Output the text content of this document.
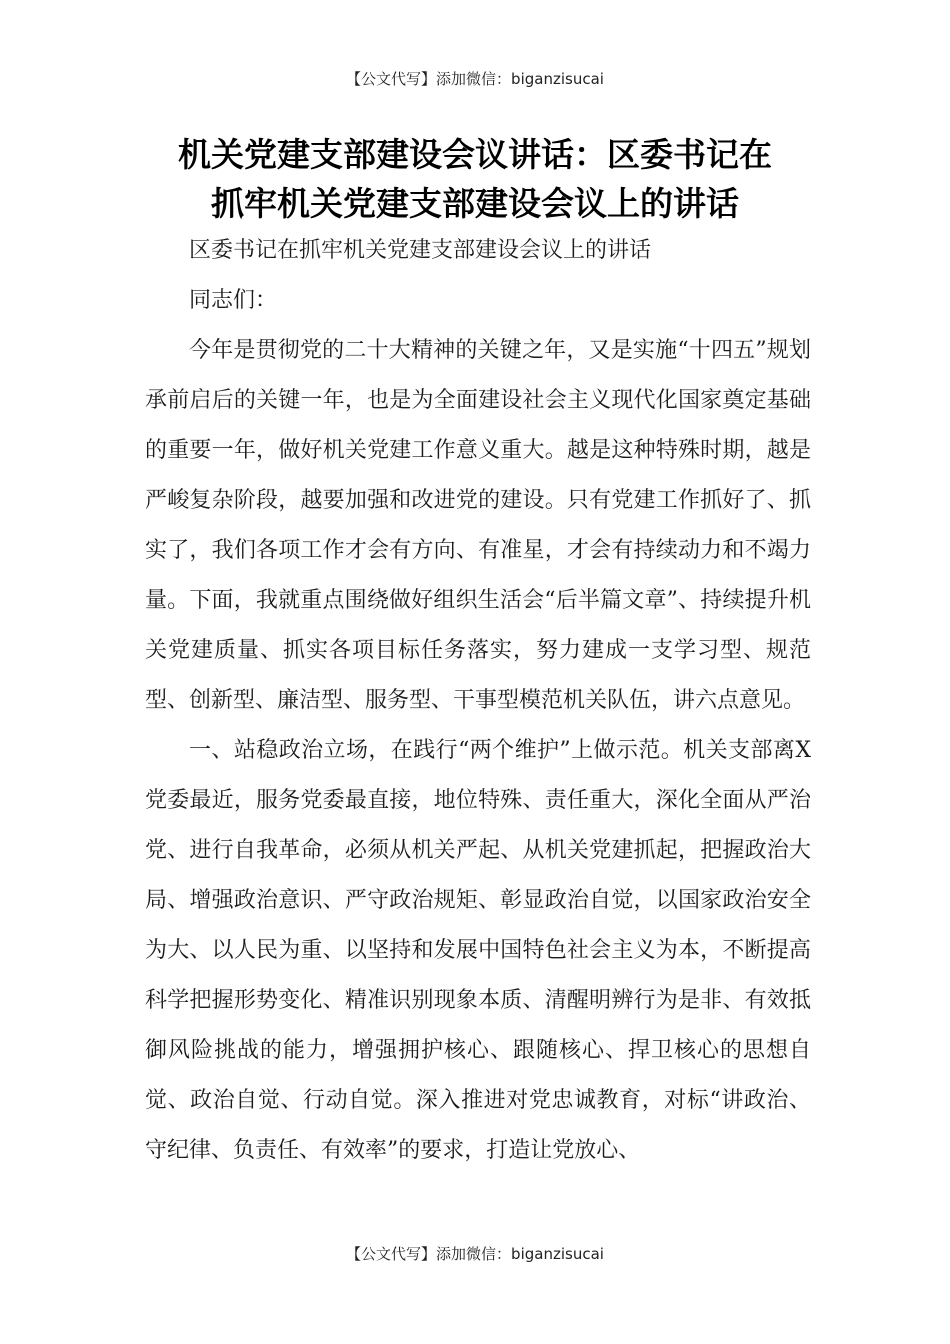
【公文代写】添加微信：biganzisucai
机关党建支部建设会议讲话：区委书记在
抓牢机关党建支部建设会议上的讲话
区委书记在抓牢机关党建支部建设会议上的讲话
同志们：

今年是贯彻党的二十大精神的关键之年，又是实施“十四五”规划承前启后的关键一年，也是为全面建设社会主义现代化国家奠定基础的重要一年，做好机关党建工作意义重大。越是这种特殊时期，越是严峻复杂阶段，越要加强和改进党的建设。只有党建工作抓好了、抓实了，我们各项工作才会有方向、有准星，才会有持续动力和不竭力量。下面，我就重点围绕做好组织生活会“后半篇文章”、持续提升机关党建质量、抓实各项目标任务落实，努力建成一支学习型、规范型、创新型、廉洁型、服务型、干事型模范机关队伍，讲六点意见。

一、站稳政治立场，在践行“两个维护”上做示范。机关支部离X党委最近，服务党委最直接，地位特殊、责任重大，深化全面从严治党、进行自我革命，必须从机关严起、从机关党建抓起，把握政治大局、增强政治意识、严守政治规矩、彰显政治自觉，以国家政治安全为大、以人民为重、以坚持和发展中国特色社会主义为本，不断提高科学把握形势变化、精准识别现象本质、清醒明辨行为是非、有效抵御风险挑战的能力，增强拥护核心、跟随核心、捍卫核心的思想自觉、政治自觉、行动自觉。深入推进对党忠诚教育，对标“讲政治、守纪律、负责任、有效率”的要求，打造让党放心、

【公文代写】添加微信：biganzisucai
